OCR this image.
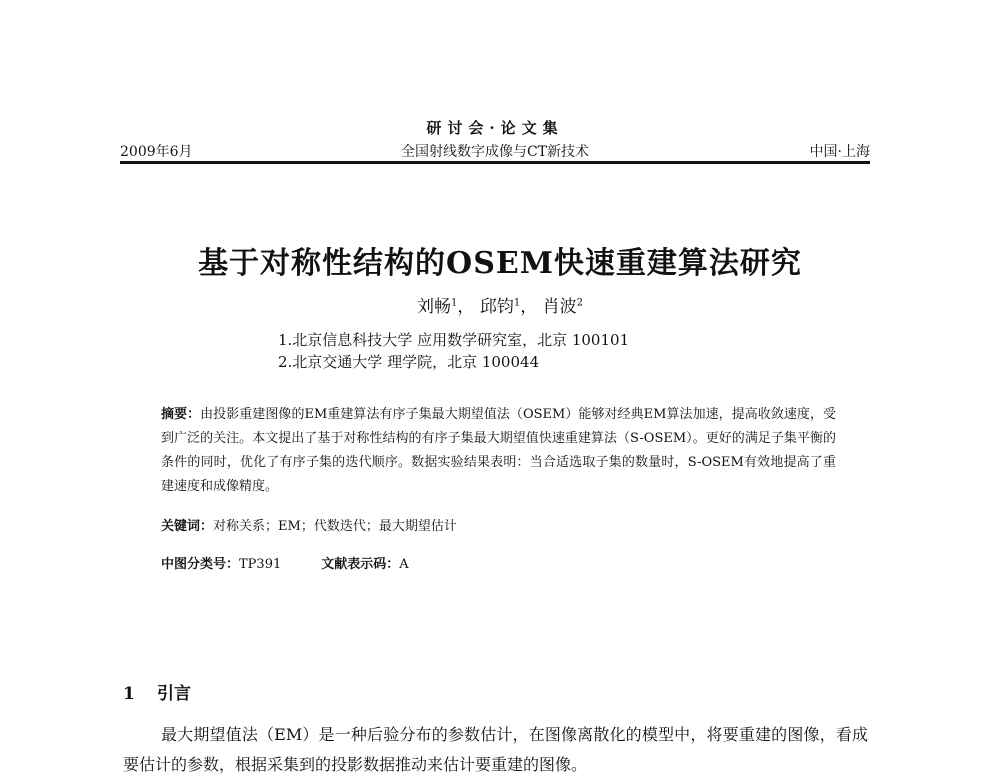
研讨会·论文集
2009年6月	全国射线数字成像与CT新技术	中国·上海
基于对称性结构的OSEM快速重建算法研究
刘畅$^1$， 邱钧$^1$， 肖波$^2$
1.北京信息科技大学 应用数学研究室，北京 100101
2.北京交通大学 理学院，北京 100044
摘要：由投影重建图像的EM重建算法有序子集最大期望值法（OSEM）能够对经典EM算法加速，提高收敛速度，受到广泛的关注。本文提出了基于对称性结构的有序子集最大期望值快速重建算法（S-OSEM）。更好的满足子集平衡的条件的同时，优化了有序子集的迭代顺序。数据实验结果表明：当合适选取子集的数量时，S-OSEM有效地提高了重建速度和成像精度。
关键词：对称关系；EM；代数迭代；最大期望估计
中图分类号：TP391	文献表示码：A
1 引言
最大期望值法（EM）是一种后验分布的参数估计，在图像离散化的模型中，将要重建的图像，看成要估计的参数，根据采集到的投影数据推动来估计要重建的图像。
